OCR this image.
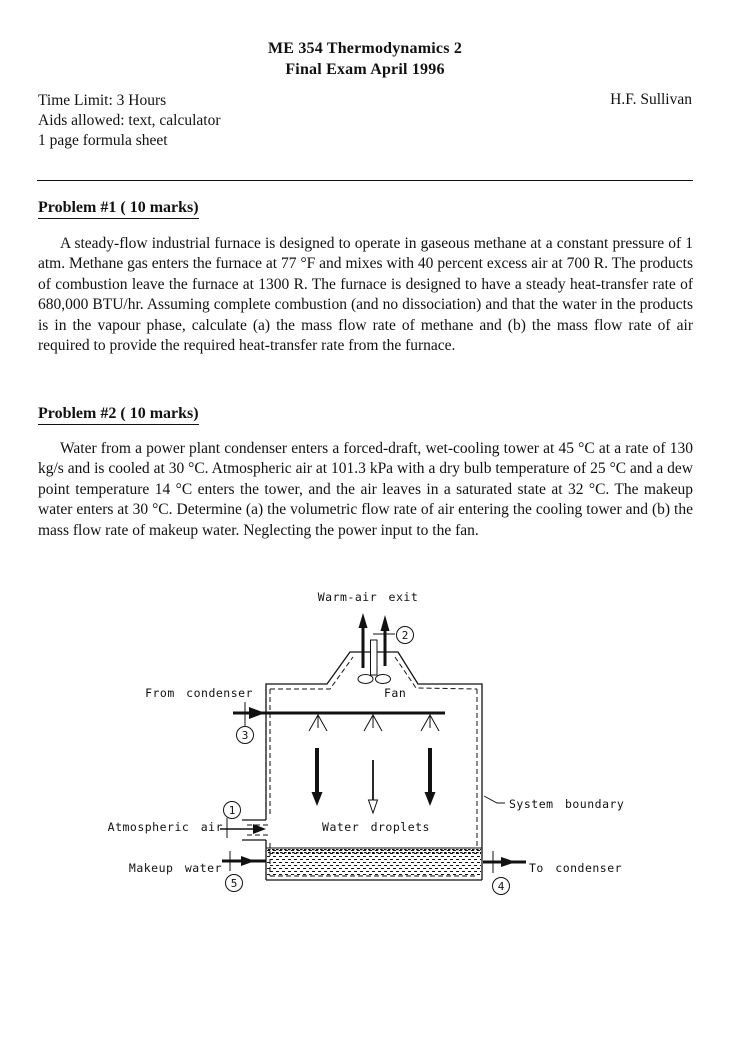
ME 354 Thermodynamics 2
Final Exam April 1996
Time Limit: 3 Hours
Aids allowed: text, calculator
1 page formula sheet
H.F. Sullivan
Problem #1 ( 10 marks)
A steady-flow industrial furnace is designed to operate in gaseous methane at a constant pressure of 1 atm. Methane gas enters the furnace at 77 °F and mixes with 40 percent excess air at 700 R. The products of combustion leave the furnace at 1300 R. The furnace is designed to have a steady heat-transfer rate of 680,000 BTU/hr. Assuming complete combustion (and no dissociation) and that the water in the products is in the vapour phase, calculate (a) the mass flow rate of methane and (b) the mass flow rate of air required to provide the required heat-transfer rate from the furnace.
Problem #2 ( 10 marks)
Water from a power plant condenser enters a forced-draft, wet-cooling tower at 45 °C at a rate of 130 kg/s and is cooled at 30 °C. Atmospheric air at 101.3 kPa with a dry bulb temperature of 25 °C and a dew point temperature 14 °C enters the tower, and the air leaves in a saturated state at 32 °C. The makeup water enters at 30 °C. Determine (a) the volumetric flow rate of air entering the cooling tower and (b) the mass flow rate of makeup water. Neglecting the power input to the fan.
1
2
3
4
5
Warm-air exit
Fan
From condenser
Atmospheric air	Water droplets
System boundary
Makeup water	To condenser
